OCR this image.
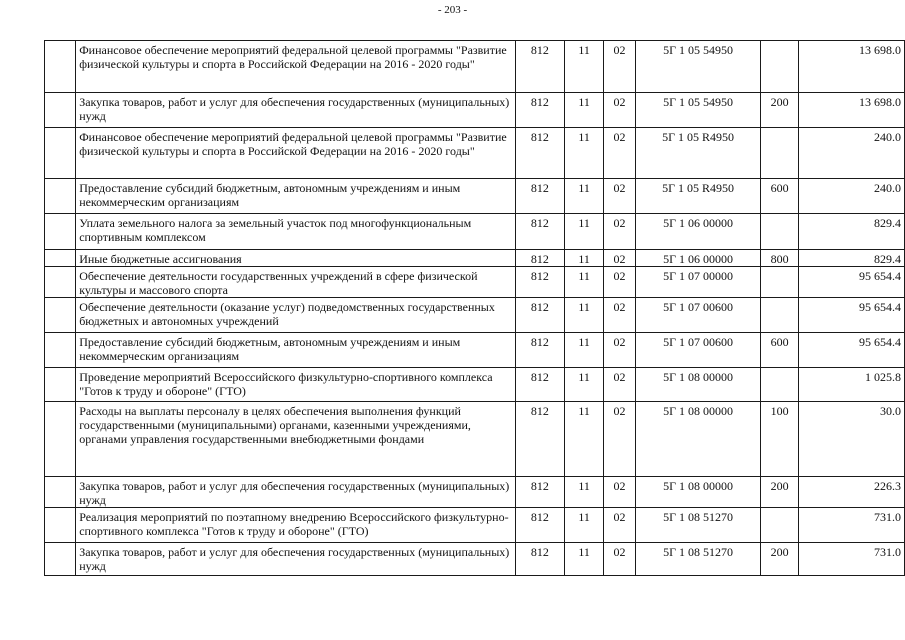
- 203 -
	Финансовое обеспечение мероприятий федеральной целевой программы "Развитие физической культуры и спорта в Российской Федерации на 2016 - 2020 годы"	812	11	02	5Г 1 05 54950		13 698.0
	Закупка товаров, работ и услуг для обеспечения государственных (муниципальных) нужд	812	11	02	5Г 1 05 54950	200	13 698.0
	Финансовое обеспечение мероприятий федеральной целевой программы "Развитие физической культуры и спорта в Российской Федерации на 2016 - 2020 годы"	812	11	02	5Г 1 05 R4950		240.0
	Предоставление субсидий бюджетным, автономным учреждениям и иным некоммерческим организациям	812	11	02	5Г 1 05 R4950	600	240.0
	Уплата земельного налога за земельный участок под многофункциональным спортивным комплексом	812	11	02	5Г 1 06 00000		829.4
	Иные бюджетные ассигнования	812	11	02	5Г 1 06 00000	800	829.4
	Обеспечение деятельности государственных учреждений в сфере физической культуры и массового спорта	812	11	02	5Г 1 07 00000		95 654.4
	Обеспечение деятельности (оказание услуг) подведомственных государственных бюджетных и автономных учреждений	812	11	02	5Г 1 07 00600		95 654.4
	Предоставление субсидий бюджетным, автономным учреждениям и иным некоммерческим организациям	812	11	02	5Г 1 07 00600	600	95 654.4
	Проведение мероприятий Всероссийского физкультурно-спортивного комплекса "Готов к труду и обороне" (ГТО)	812	11	02	5Г 1 08 00000		1 025.8
	Расходы на выплаты персоналу в целях обеспечения выполнения функций государственными (муниципальными) органами, казенными учреждениями, органами управления государственными внебюджетными фондами	812	11	02	5Г 1 08 00000	100	30.0
	Закупка товаров, работ и услуг для обеспечения государственных (муниципальных) нужд	812	11	02	5Г 1 08 00000	200	226.3
	Реализация мероприятий по поэтапному внедрению Всероссийского физкультурно-спортивного комплекса "Готов к труду и обороне" (ГТО)	812	11	02	5Г 1 08 51270		731.0
	Закупка товаров, работ и услуг для обеспечения государственных (муниципальных) нужд	812	11	02	5Г 1 08 51270	200	731.0
